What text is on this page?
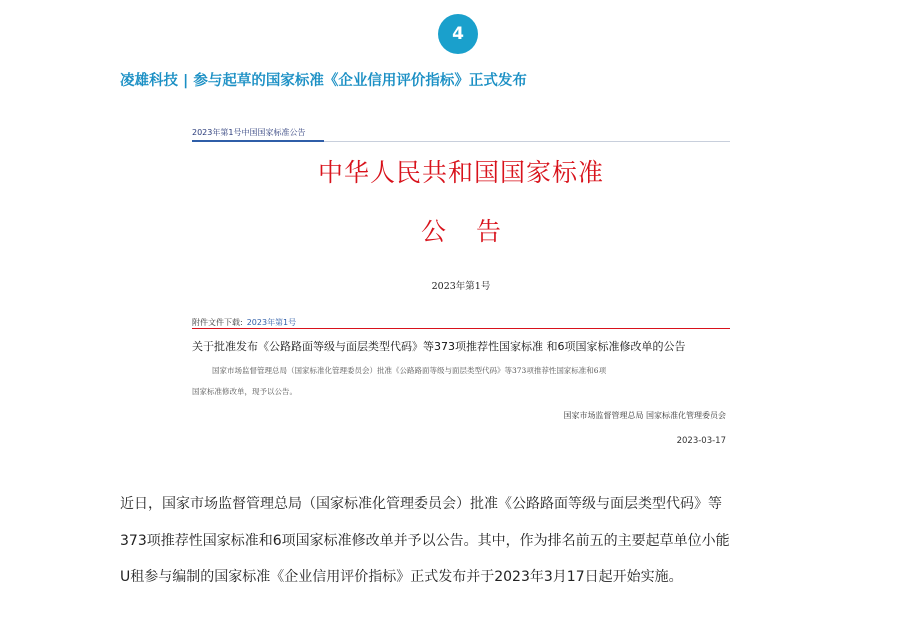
4
凌雄科技 | 参与起草的国家标准《企业信用评价指标》正式发布
2023年第1号中国国家标准公告
中华人民共和国国家标准
公告
2023年第1号
附件文件下载: 2023年第1号
关于批准发布《公路路面等级与面层类型代码》等373项推荐性国家标准 和6项国家标准修改单的公告
国家市场监督管理总局（国家标准化管理委员会）批准《公路路面等级与面层类型代码》等373项推荐性国家标准和6项
国家标准修改单，现予以公告。
国家市场监督管理总局 国家标准化管理委员会
2023-03-17
近日，国家市场监督管理总局（国家标准化管理委员会）批准《公路路面等级与面层类型代码》等
373项推荐性国家标准和6项国家标准修改单并予以公告。其中，作为排名前五的主要起草单位小能
U租参与编制的国家标准《企业信用评价指标》正式发布并于2023年3月17日起开始实施。
